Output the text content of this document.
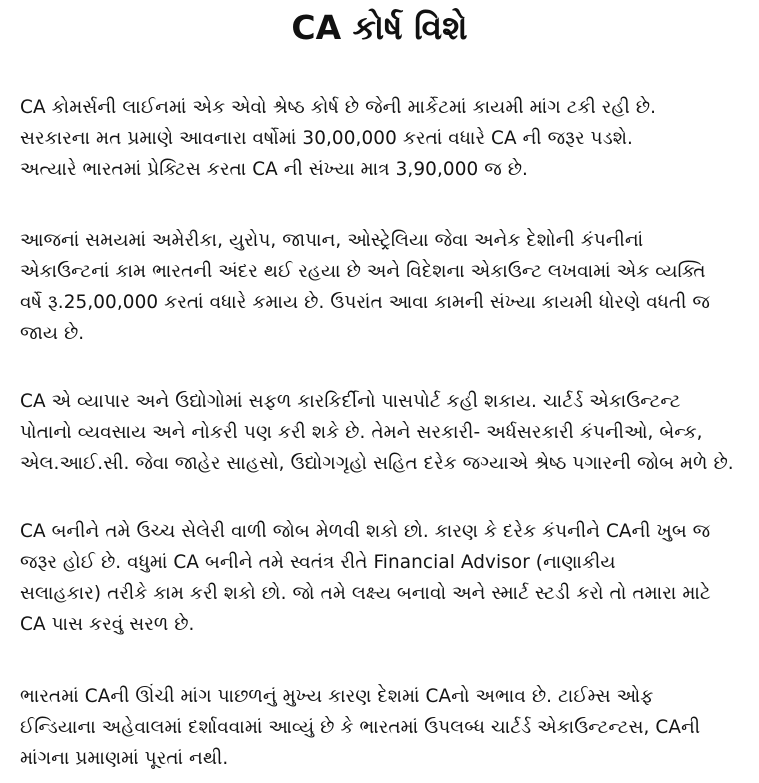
CA કોર્ષ વિશે
CA કોમર્સની લાઈનમાં એક એવો શ્રેષ્ઠ કોર્ષ છે જેની માર્કેટમાં કાયમી માંગ ટકી રહી છે.
સરકારના મત પ્રમાણે આવનારા વર્ષોમાં 30,00,000 કરતાં વધારે CA ની જરૂર પડશે.
અત્યારે ભારતમાં પ્રેક્ટિસ કરતા CA ની સંખ્યા માત્ર 3,90,000 જ છે.
આજનાં સમયમાં અમેરીકા, યુરોપ, જાપાન, ઓસ્ટ્રેલિયા જેવા અનેક દેશોની કંપનીનાં
એકાઉન્ટનાં કામ ભારતની અંદર થઈ રહયા છે અને વિદેશના એકાઉન્ટ લખવામાં એક વ્યક્તિ
વર્ષે રૂ.25,00,000 કરતાં વધારે કમાય છે. ઉપરાંત આવા કામની સંખ્યા કાયમી ધોરણે વધતી જ
જાય છે.
CA એ વ્યાપાર અને ઉદ્યોગોમાં સફળ કારકિર્દીનો પાસપોર્ટ કહી શકાય. ચાર્ટર્ડ એકાઉન્ટન્ટ
પોતાનો વ્યવસાય અને નોકરી પણ કરી શકે છે. તેમને સરકારી- અર્ધસરકારી કંપનીઓ, બેન્ક,
એલ.આઈ.સી. જેવા જાહેર સાહસો, ઉદ્યોગગૃહો સહિત દરેક જગ્યાએ શ્રેષ્ઠ પગારની જોબ મળે છે.
CA બનીને તમે ઉચ્ચ સેલેરી વાળી જોબ મેળવી શકો છો. કારણ કે દરેક કંપનીને CAની ખુબ જ
જરૂર હોઈ છે. વધુમાં CA બનીને તમે સ્વતંત્ર રીતે Financial Advisor (નાણાકીય
સલાહકાર) તરીકે કામ કરી શકો છો. જો તમે લક્ષ્ય બનાવો અને સ્માર્ટ સ્ટડી કરો તો તમારા માટે
CA પાસ કરવું સરળ છે.
ભારતમાં CAની ઊંચી માંગ પાછળનું મુખ્ય કારણ દેશમાં CAનો અભાવ છે. ટાઈમ્સ ઓફ
ઈન્ડિયાના અહેવાલમાં દર્શાવવામાં આવ્યું છે કે ભારતમાં ઉપલબ્ધ ચાર્ટર્ડ એકાઉન્ટન્ટસ, CAની
માંગના પ્રમાણમાં પૂરતાં નથી.
